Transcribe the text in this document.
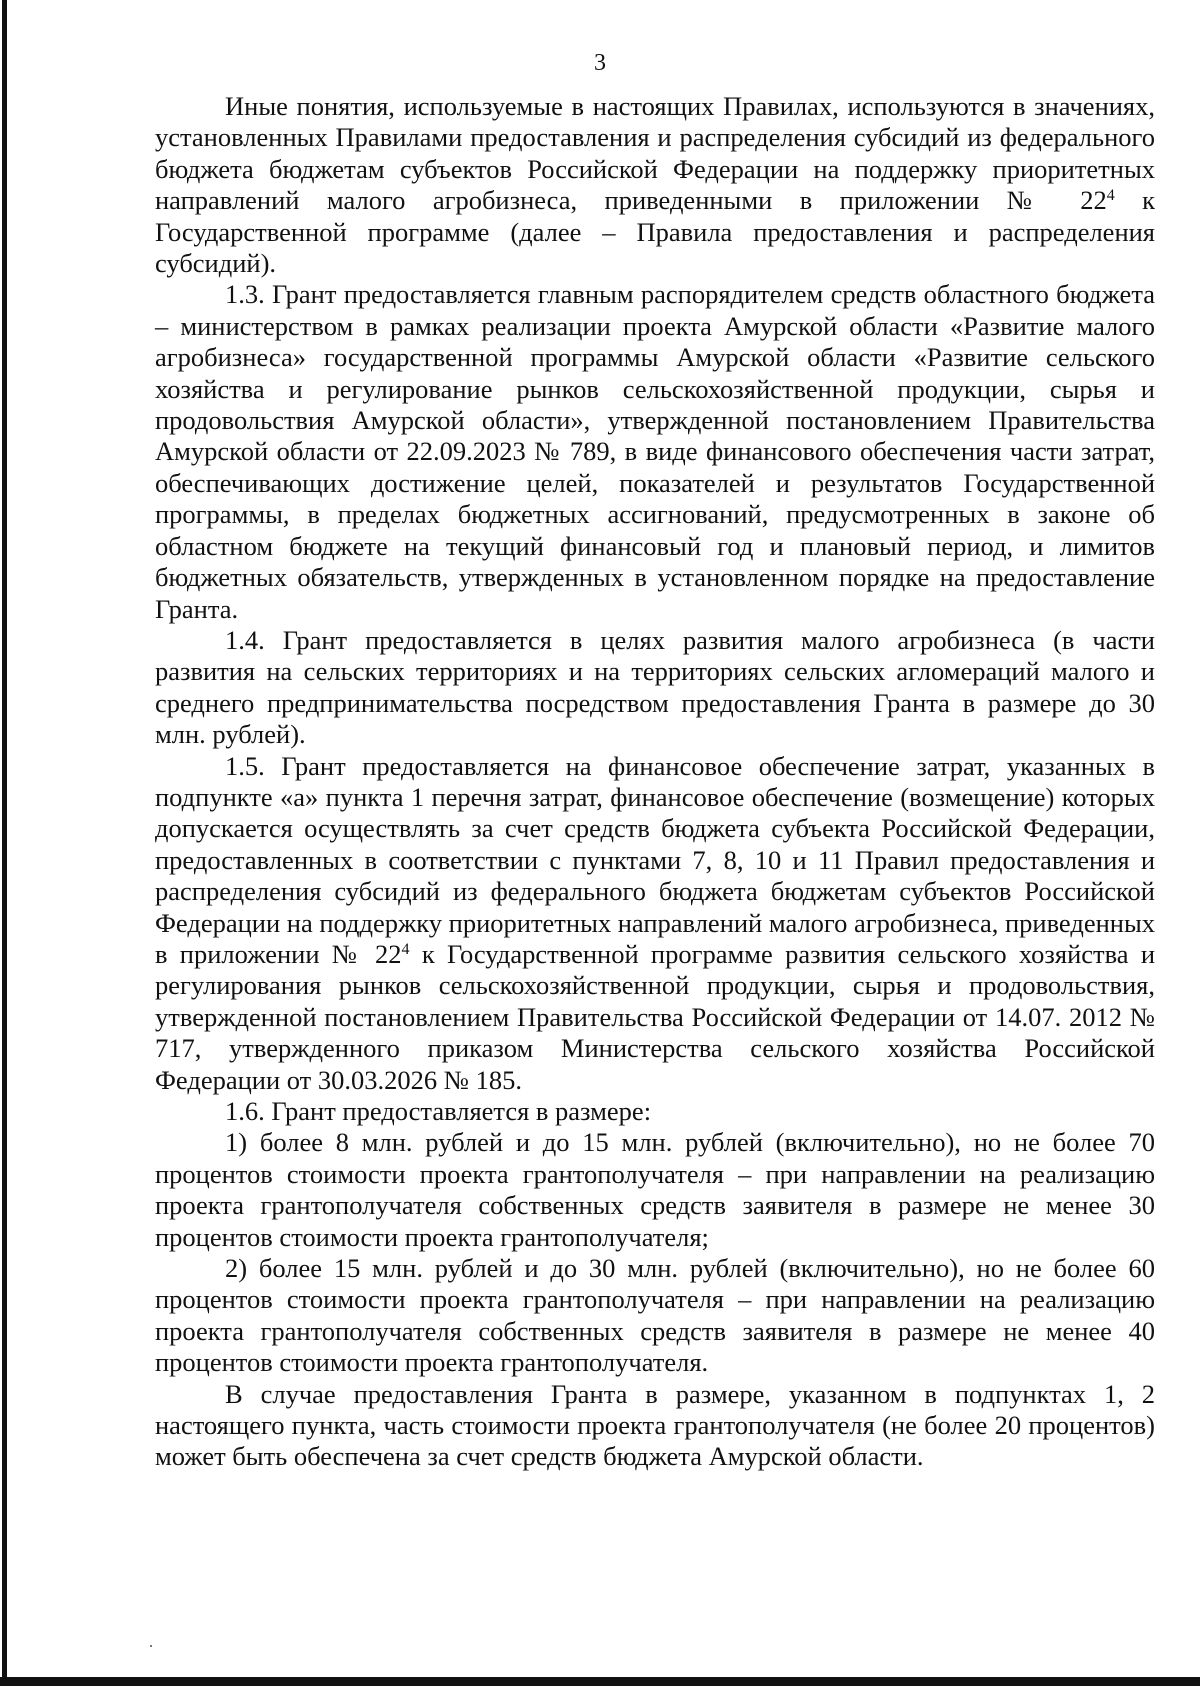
3

Иные понятия, используемые в настоящих Правилах, используются в значениях, установленных Правилами предоставления и распределения субсидий из федерального бюджета бюджетам субъектов Российской Федерации на поддержку приоритетных направлений малого агробизнеса, приведенными в приложении № $22^4$ к Государственной программе (далее – Правила предоставления и распределения субсидий).

1.3. Грант предоставляется главным распорядителем средств областного бюджета – министерством в рамках реализации проекта Амурской области «Развитие малого агробизнеса» государственной программы Амурской области «Развитие сельского хозяйства и регулирование рынков сельскохозяйственной продукции, сырья и продовольствия Амурской области», утвержденной постановлением Правительства Амурской области от 22.09.2023 № 789, в виде финансового обеспечения части затрат, обеспечивающих достижение целей, показателей и результатов Государственной программы, в пределах бюджетных ассигнований, предусмотренных в законе об областном бюджете на текущий финансовый год и плановый период, и лимитов бюджетных обязательств, утвержденных в установленном порядке на предоставление Гранта.

1.4. Грант предоставляется в целях развития малого агробизнеса (в части развития на сельских территориях и на территориях сельских агломераций малого и среднего предпринимательства посредством предоставления Гранта в размере до 30 млн. рублей).

1.5. Грант предоставляется на финансовое обеспечение затрат, указанных в подпункте «а» пункта 1 перечня затрат, финансовое обеспечение (возмещение) которых допускается осуществлять за счет средств бюджета субъекта Российской Федерации, предоставленных в соответствии с пунктами 7, 8, 10 и 11 Правил предоставления и распределения субсидий из федерального бюджета бюджетам субъектов Российской Федерации на поддержку приоритетных направлений малого агробизнеса, приведенных в приложении № $22^4$ к Государственной программе развития сельского хозяйства и регулирования рынков сельскохозяйственной продукции, сырья и продовольствия, утвержденной постановлением Правительства Российской Федерации от 14.07. 2012 № 717, утвержденного приказом Министерства сельского хозяйства Российской Федерации от 30.03.2026 № 185.

1.6. Грант предоставляется в размере:

1) более 8 млн. рублей и до 15 млн. рублей (включительно), но не более 70 процентов стоимости проекта грантополучателя – при направлении на реализацию проекта грантополучателя собственных средств заявителя в размере не менее 30 процентов стоимости проекта грантополучателя;

2) более 15 млн. рублей и до 30 млн. рублей (включительно), но не более 60 процентов стоимости проекта грантополучателя – при направлении на реализацию проекта грантополучателя собственных средств заявителя в размере не менее 40 процентов стоимости проекта грантополучателя.

В случае предоставления Гранта в размере, указанном в подпунктах 1, 2 настоящего пункта, часть стоимости проекта грантополучателя (не более 20 процентов) может быть обеспечена за счет средств бюджета Амурской области.
